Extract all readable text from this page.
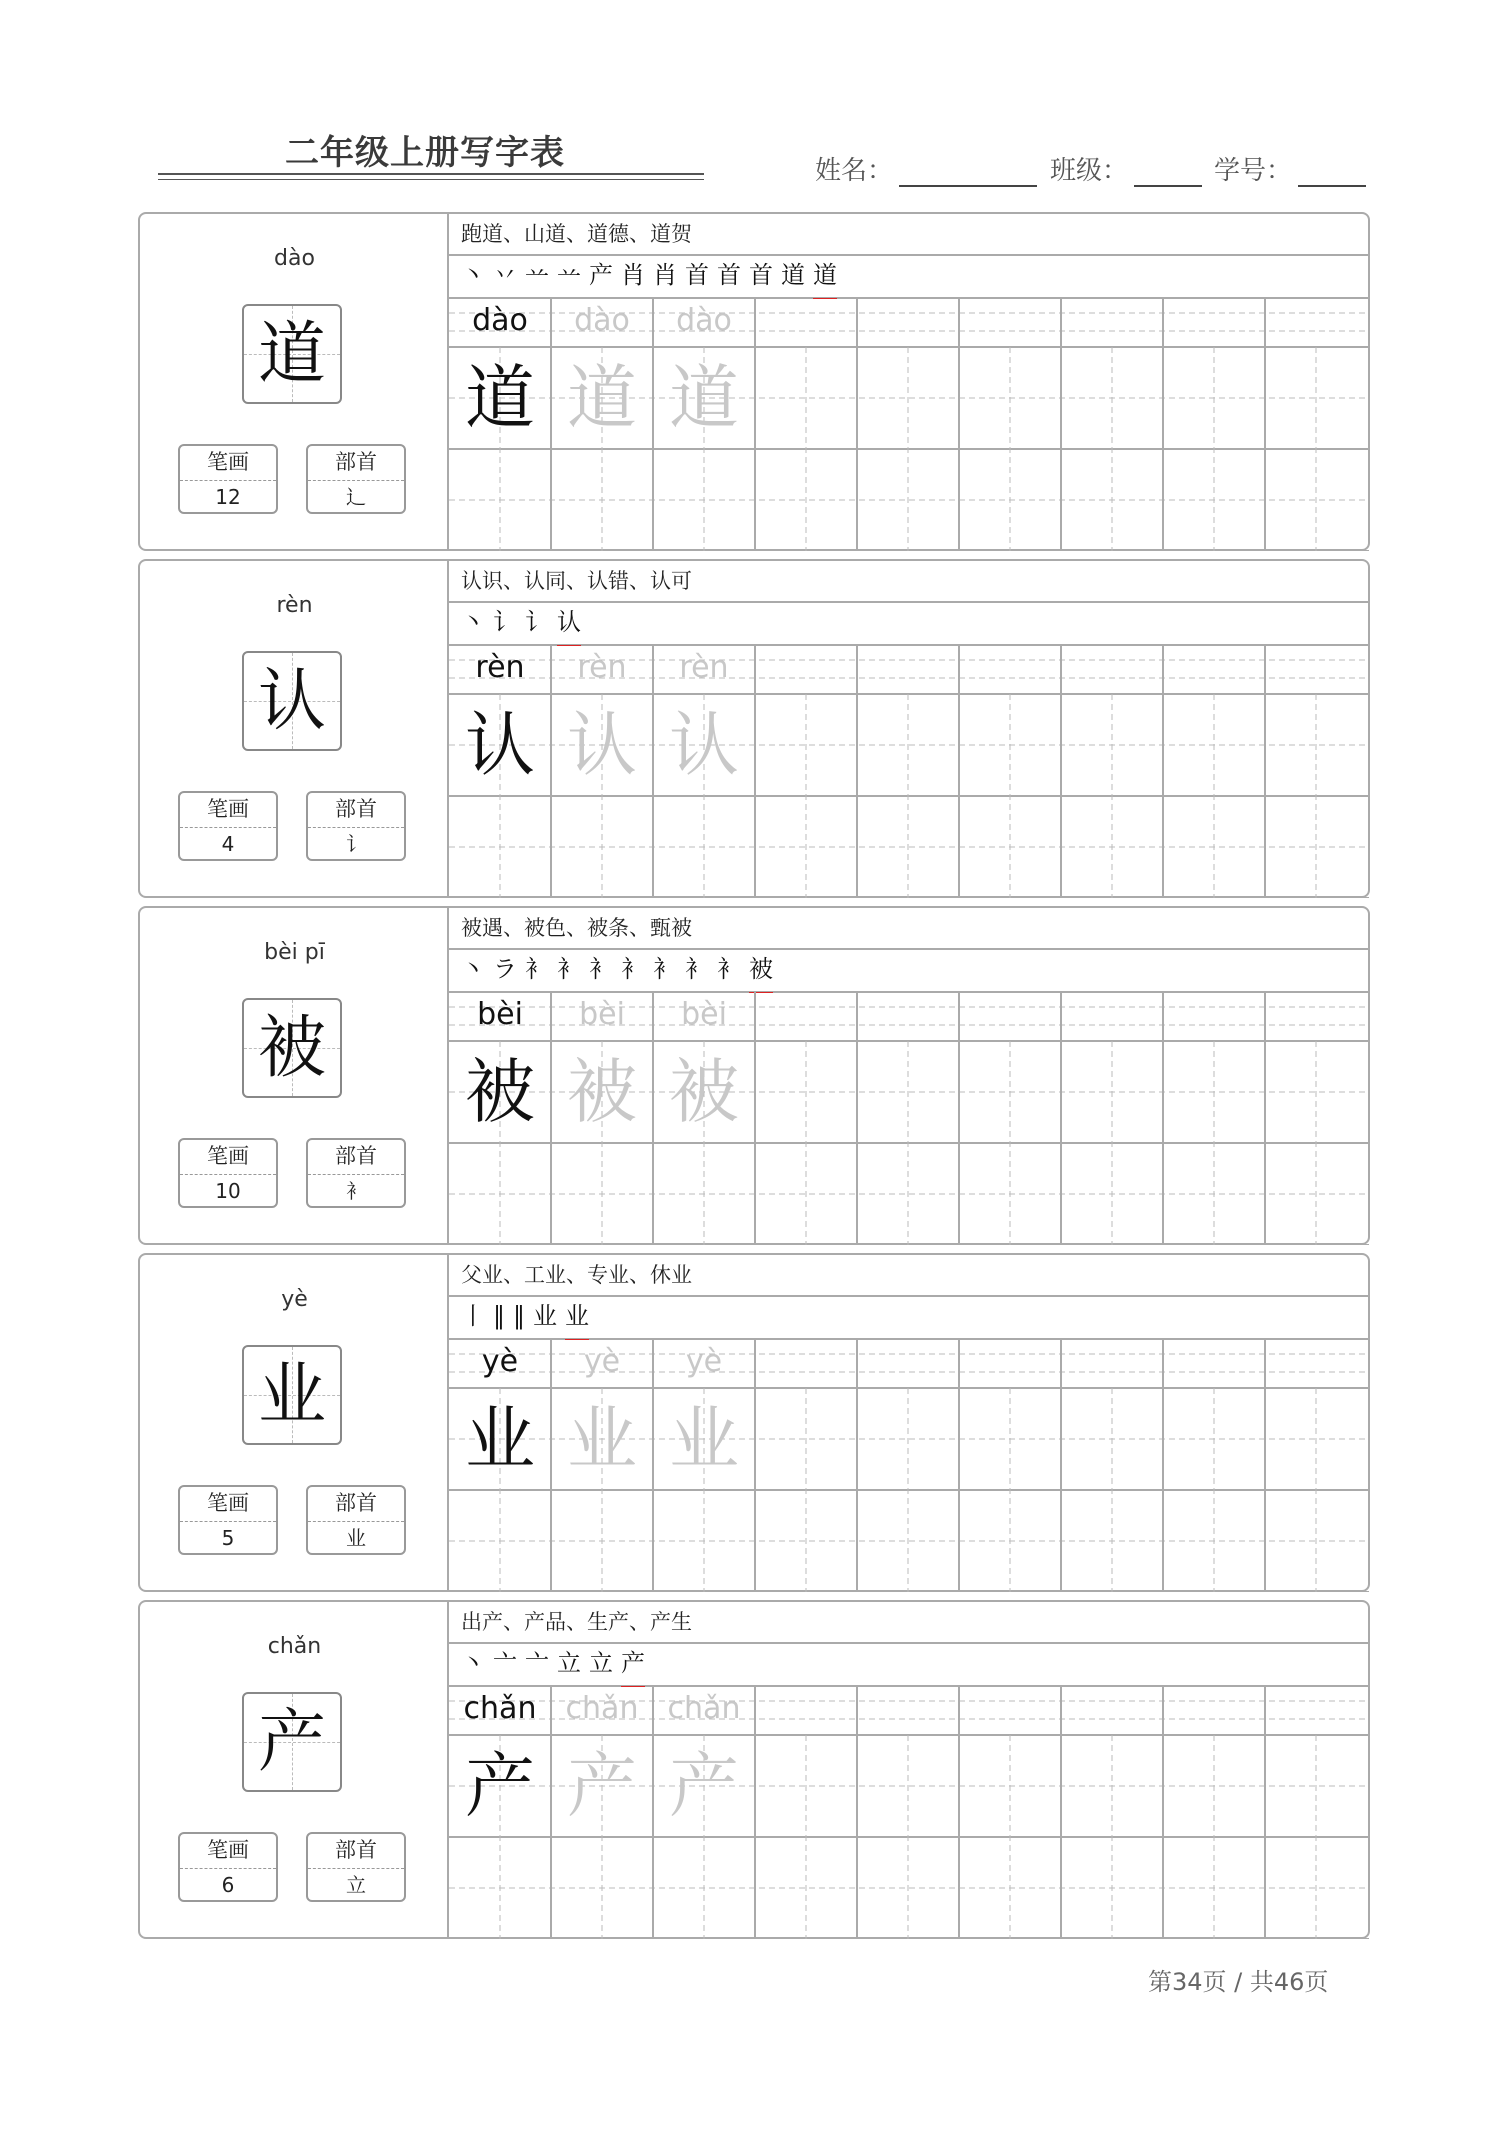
二年级上册写字表	姓名：	班级：	学号：
dào
道
笔画
12
部首
辶
跑道、山道、道德、道贺
丶 丷 䒑 䒑 产 肖 肖 首 首 首 道 道
dào
道
dào
道
dào
道
rèn
认
笔画
4
部首
讠
认识、认同、认错、认可
丶 讠 讠 认
rèn
认
rèn
认
rèn
认
bèi pī
被
笔画
10
部首
衤
被遇、被色、被条、甄被
丶 ラ 衤 衤 衤 衤 衤 衤 衤 被
bèi
被
bèi
被
bèi
被
yè
业
笔画
5
部首
业
父业、工业、专业、休业
丨 ‖ ‖ 业 业
yè
业
yè
业
yè
业
chǎn
产
笔画
6
部首
立
出产、产品、生产、产生
丶 亠 亠 立 立 产
chǎn
产
chǎn
产
chǎn
产
第34页 / 共46页
